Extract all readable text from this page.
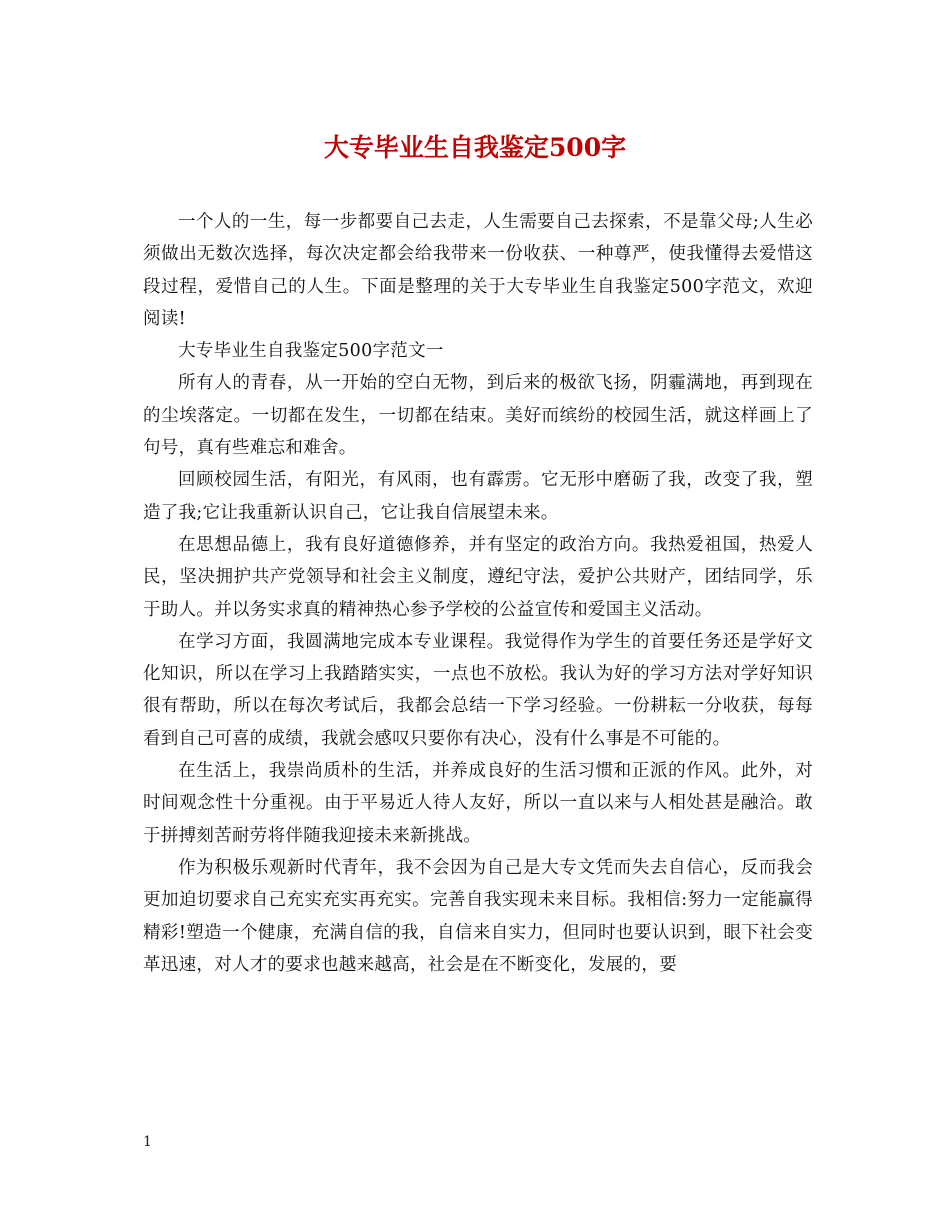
大专毕业生自我鉴定500字

一个人的一生，每一步都要自己去走，人生需要自己去探索，不是靠父母;人生必须做出无数次选择，每次决定都会给我带来一份收获、一种尊严，使我懂得去爱惜这段过程，爱惜自己的人生。下面是整理的关于大专毕业生自我鉴定500字范文，欢迎阅读!

大专毕业生自我鉴定500字范文一

所有人的青春，从一开始的空白无物，到后来的极欲飞扬，阴霾满地，再到现在的尘埃落定。一切都在发生，一切都在结束。美好而缤纷的校园生活，就这样画上了句号，真有些难忘和难舍。

回顾校园生活，有阳光，有风雨，也有霹雳。它无形中磨砺了我，改变了我，塑造了我;它让我重新认识自己，它让我自信展望未来。

在思想品德上，我有良好道德修养，并有坚定的政治方向。我热爱祖国，热爱人民，坚决拥护共产党领导和社会主义制度，遵纪守法，爱护公共财产，团结同学，乐于助人。并以务实求真的精神热心参予学校的公益宣传和爱国主义活动。

在学习方面，我圆满地完成本专业课程。我觉得作为学生的首要任务还是学好文化知识，所以在学习上我踏踏实实，一点也不放松。我认为好的学习方法对学好知识很有帮助，所以在每次考试后，我都会总结一下学习经验。一份耕耘一分收获，每每看到自己可喜的成绩，我就会感叹只要你有决心，没有什么事是不可能的。

在生活上，我崇尚质朴的生活，并养成良好的生活习惯和正派的作风。此外，对时间观念性十分重视。由于平易近人待人友好，所以一直以来与人相处甚是融洽。敢于拼搏刻苦耐劳将伴随我迎接未来新挑战。

作为积极乐观新时代青年，我不会因为自己是大专文凭而失去自信心，反而我会更加迫切要求自己充实充实再充实。完善自我实现未来目标。我相信:努力一定能赢得精彩!塑造一个健康，充满自信的我，自信来自实力，但同时也要认识到，眼下社会变革迅速，对人才的要求也越来越高，社会是在不断变化，发展的，要

1
